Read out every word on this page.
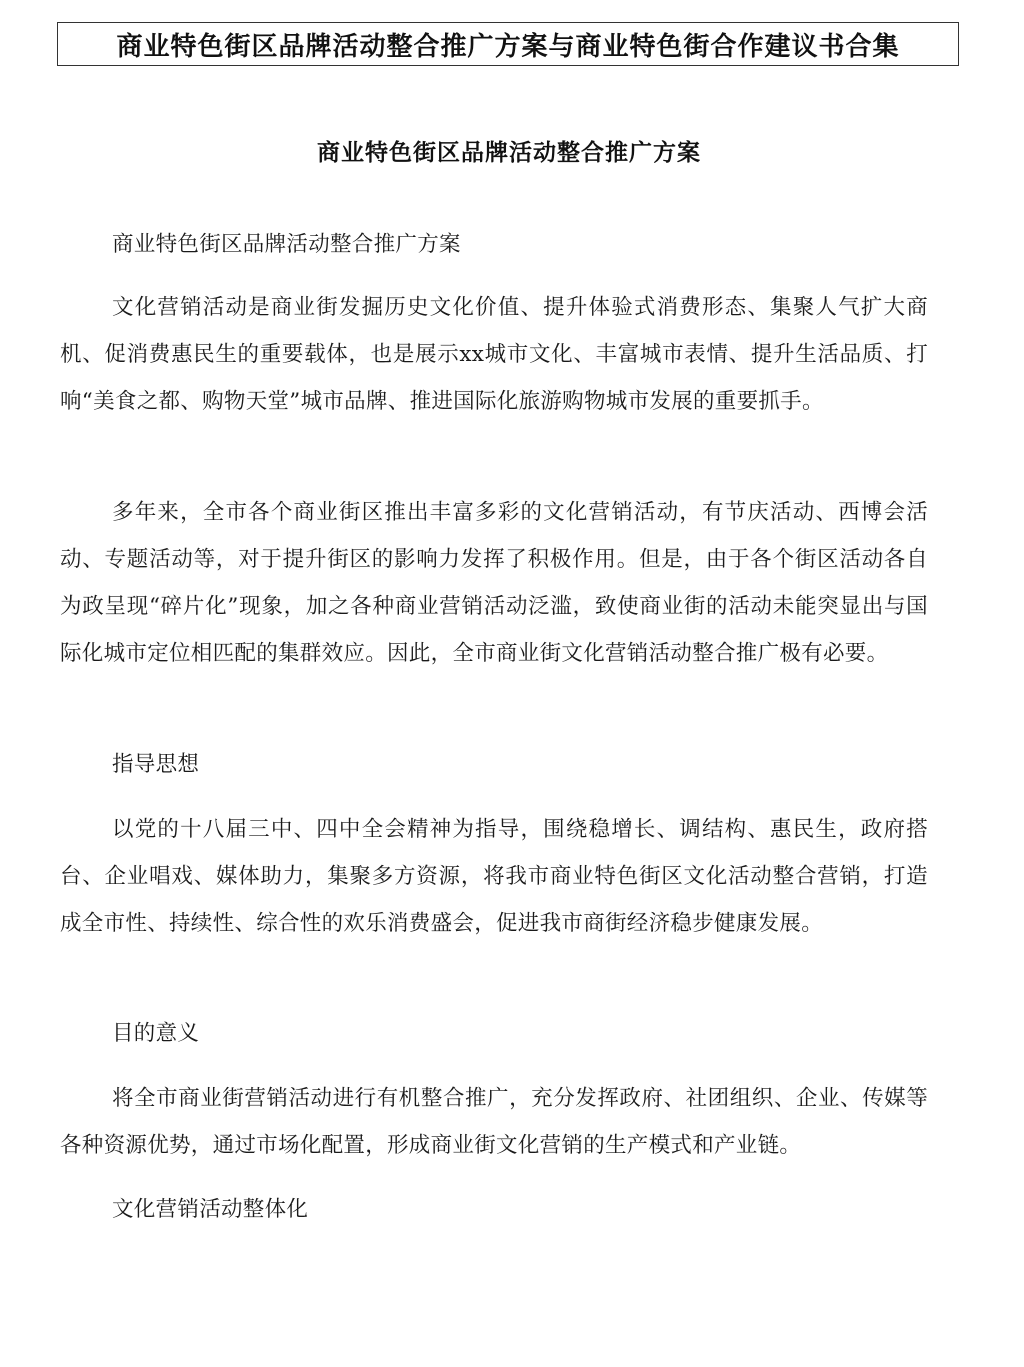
商业特色街区品牌活动整合推广方案与商业特色街合作建议书合集
商业特色街区品牌活动整合推广方案

商业特色街区品牌活动整合推广方案

文化营销活动是商业街发掘历史文化价值、提升体验式消费形态、集聚人气扩大商机、促消费惠民生的重要载体，也是展示xx城市文化、丰富城市表情、提升生活品质、打响“美食之都、购物天堂”城市品牌、推进国际化旅游购物城市发展的重要抓手。

多年来，全市各个商业街区推出丰富多彩的文化营销活动，有节庆活动、西博会活动、专题活动等，对于提升街区的影响力发挥了积极作用。但是，由于各个街区活动各自为政呈现“碎片化”现象，加之各种商业营销活动泛滥，致使商业街的活动未能突显出与国际化城市定位相匹配的集群效应。因此，全市商业街文化营销活动整合推广极有必要。

指导思想

以党的十八届三中、四中全会精神为指导，围绕稳增长、调结构、惠民生，政府搭台、企业唱戏、媒体助力，集聚多方资源，将我市商业特色街区文化活动整合营销，打造成全市性、持续性、综合性的欢乐消费盛会，促进我市商街经济稳步健康发展。

目的意义

将全市商业街营销活动进行有机整合推广，充分发挥政府、社团组织、企业、传媒等各种资源优势，通过市场化配置，形成商业街文化营销的生产模式和产业链。

文化营销活动整体化
